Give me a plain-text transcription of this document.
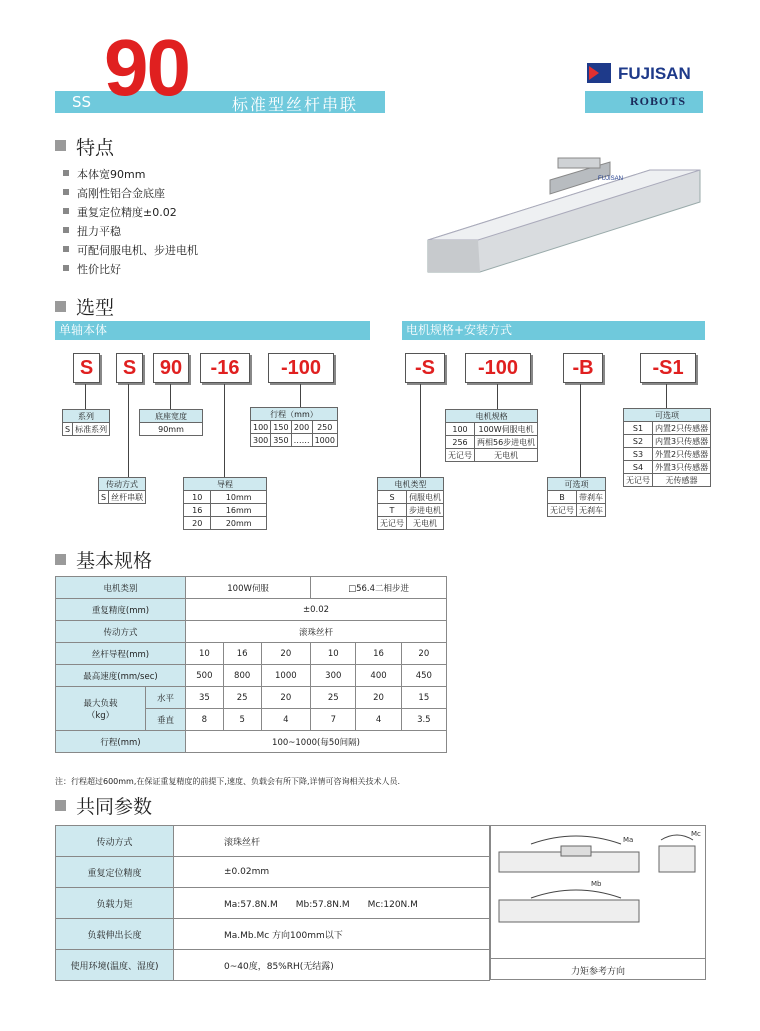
SS 90	标准型丝杆串联
FUJISAN
ROBOTS
特点
本体宽90mm
高刚性铝合金底座
重复定位精度±0.02
扭力平稳
可配伺服电机、步进电机
性价比好
FUJISAN
选型
单轴本体	电机规格+安装方式
S	S	90	-16	-100	-S	-100	-B	-S1
系列
S	标准系列
底座宽度
90mm
行程（mm）			
100	150	200	250
300	350	……	1000
传动方式
S	丝杆串联
导程	
10	10mm
16	16mm
20	20mm
电机规格	
100	100W伺服电机
256	两相56步进电机
无记号	无电机
电机类型	
S	伺服电机
T	步进电机
无记号	无电机
可选项	
B	带刹车
无记号	无刹车
可选项	
S1	内置2只传感器
S2	内置3只传感器
S3	外置2只传感器
S4	外置3只传感器
无记号	无传感器
基本规格
电机类别		100W伺服			□56.4二相步进		
重复精度(mm)		±0.02					
传动方式		滚珠丝杆					
丝杆导程(mm)		10	16	20	10	16	20
最高速度(mm/sec)		500	800	1000	300	400	450
最大负载
（kg）	水平	35	25	20	25	20	15
	垂直	8	5	4	7	4	3.5
行程(mm)		100~1000(每50间隔)					
注：行程超过600mm,在保证重复精度的前提下,速度、负载会有所下降,详情可咨询相关技术人员.
共同参数
传动方式	滚珠丝杆
重复定位精度	±0.02mm
负载力矩	Ma:57.8N.M　　Mb:57.8N.M　　Mc:120N.M
负载伸出长度	Ma.Mb.Mc 方向100mm以下
使用环境(温度、湿度)	0~40度，85%RH(无结露)
Ma
Mb
Mc
力矩参考方向
